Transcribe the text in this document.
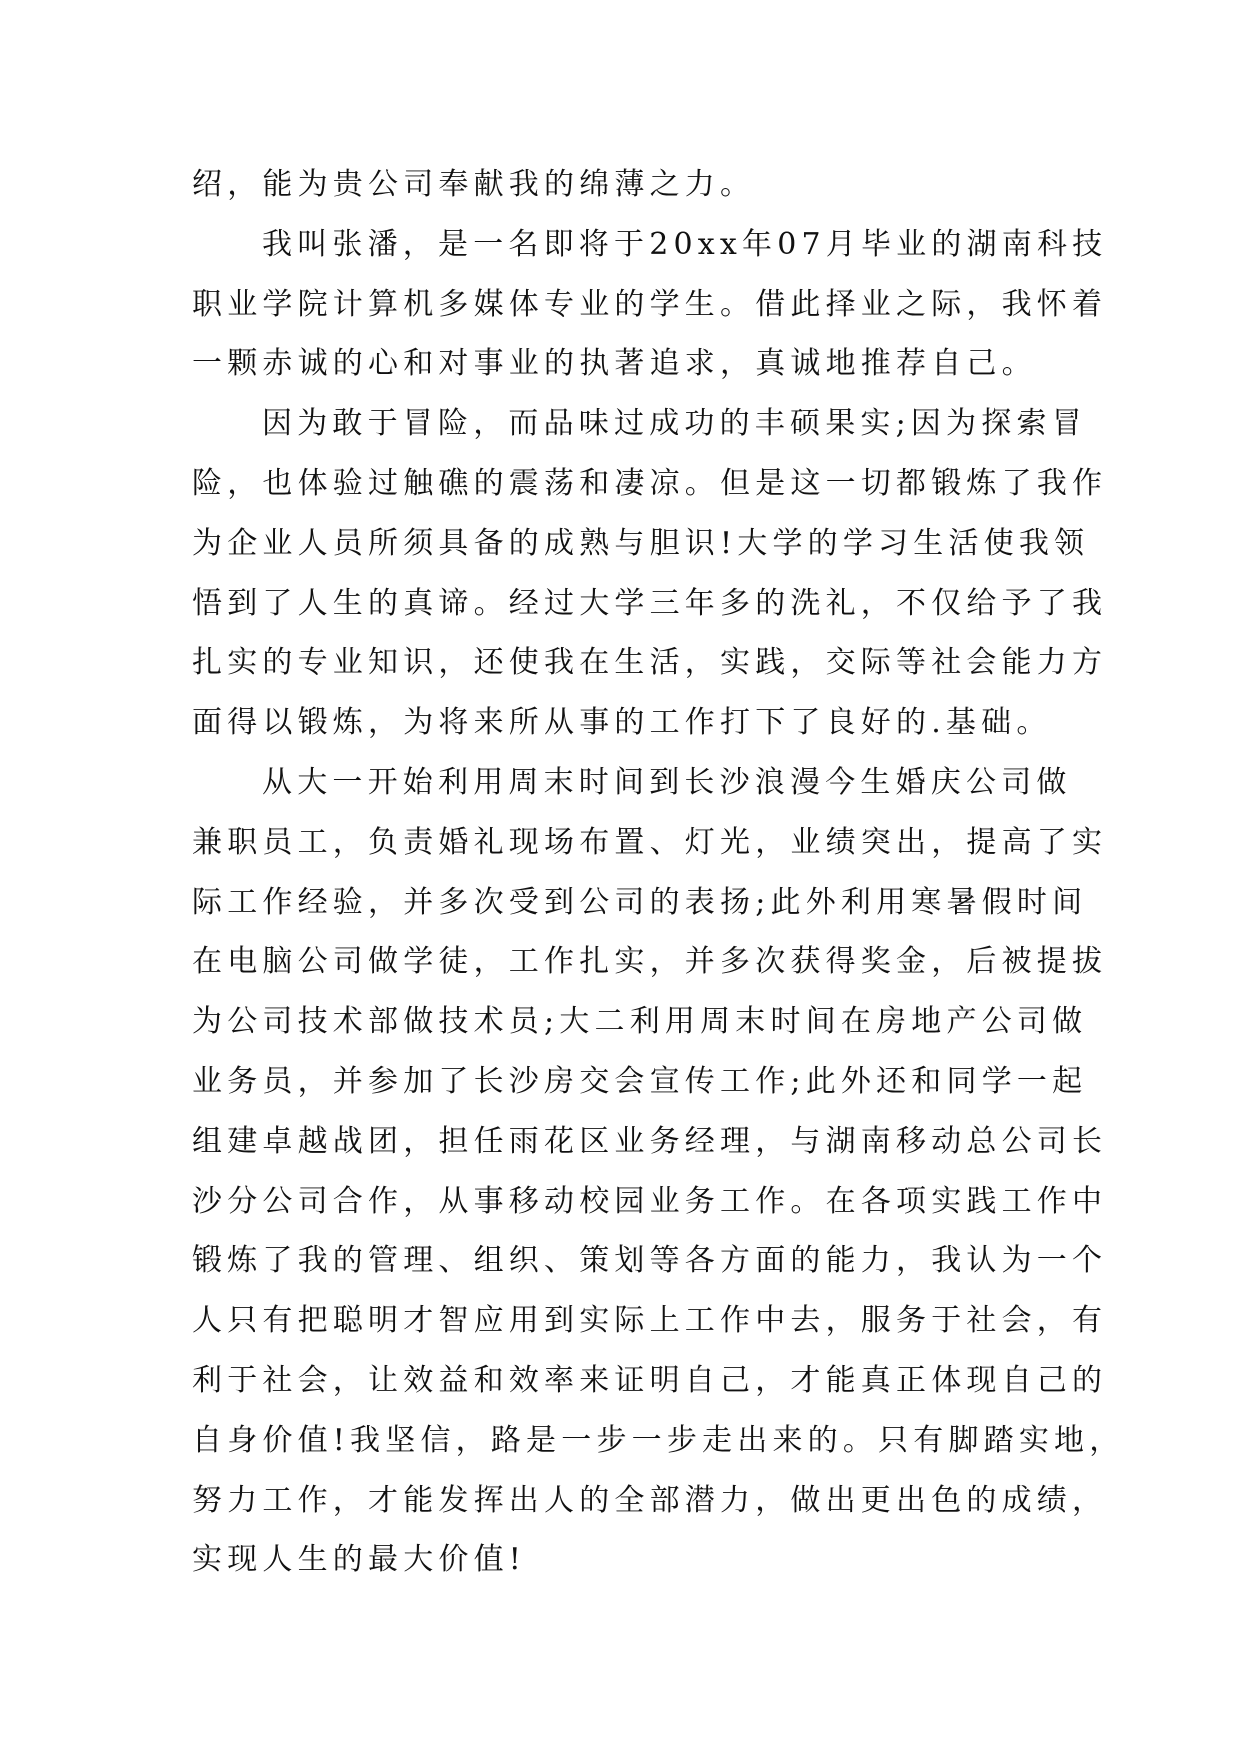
绍，能为贵公司奉献我的绵薄之力。
我叫张潘，是一名即将于20xx年07月毕业的湖南科技
职业学院计算机多媒体专业的学生。借此择业之际，我怀着
一颗赤诚的心和对事业的执著追求，真诚地推荐自己。
因为敢于冒险，而品味过成功的丰硕果实;因为探索冒
险，也体验过触礁的震荡和凄凉。但是这一切都锻炼了我作
为企业人员所须具备的成熟与胆识!大学的学习生活使我领
悟到了人生的真谛。经过大学三年多的洗礼，不仅给予了我
扎实的专业知识，还使我在生活，实践，交际等社会能力方
面得以锻炼，为将来所从事的工作打下了良好的.基础。
从大一开始利用周末时间到长沙浪漫今生婚庆公司做
兼职员工，负责婚礼现场布置、灯光，业绩突出，提高了实
际工作经验，并多次受到公司的表扬;此外利用寒暑假时间
在电脑公司做学徒，工作扎实，并多次获得奖金，后被提拔
为公司技术部做技术员;大二利用周末时间在房地产公司做
业务员，并参加了长沙房交会宣传工作;此外还和同学一起
组建卓越战团，担任雨花区业务经理，与湖南移动总公司长
沙分公司合作，从事移动校园业务工作。在各项实践工作中
锻炼了我的管理、组织、策划等各方面的能力，我认为一个
人只有把聪明才智应用到实际上工作中去，服务于社会，有
利于社会，让效益和效率来证明自己，才能真正体现自己的
自身价值!我坚信，路是一步一步走出来的。只有脚踏实地，
努力工作，才能发挥出人的全部潜力，做出更出色的成绩，
实现人生的最大价值!
